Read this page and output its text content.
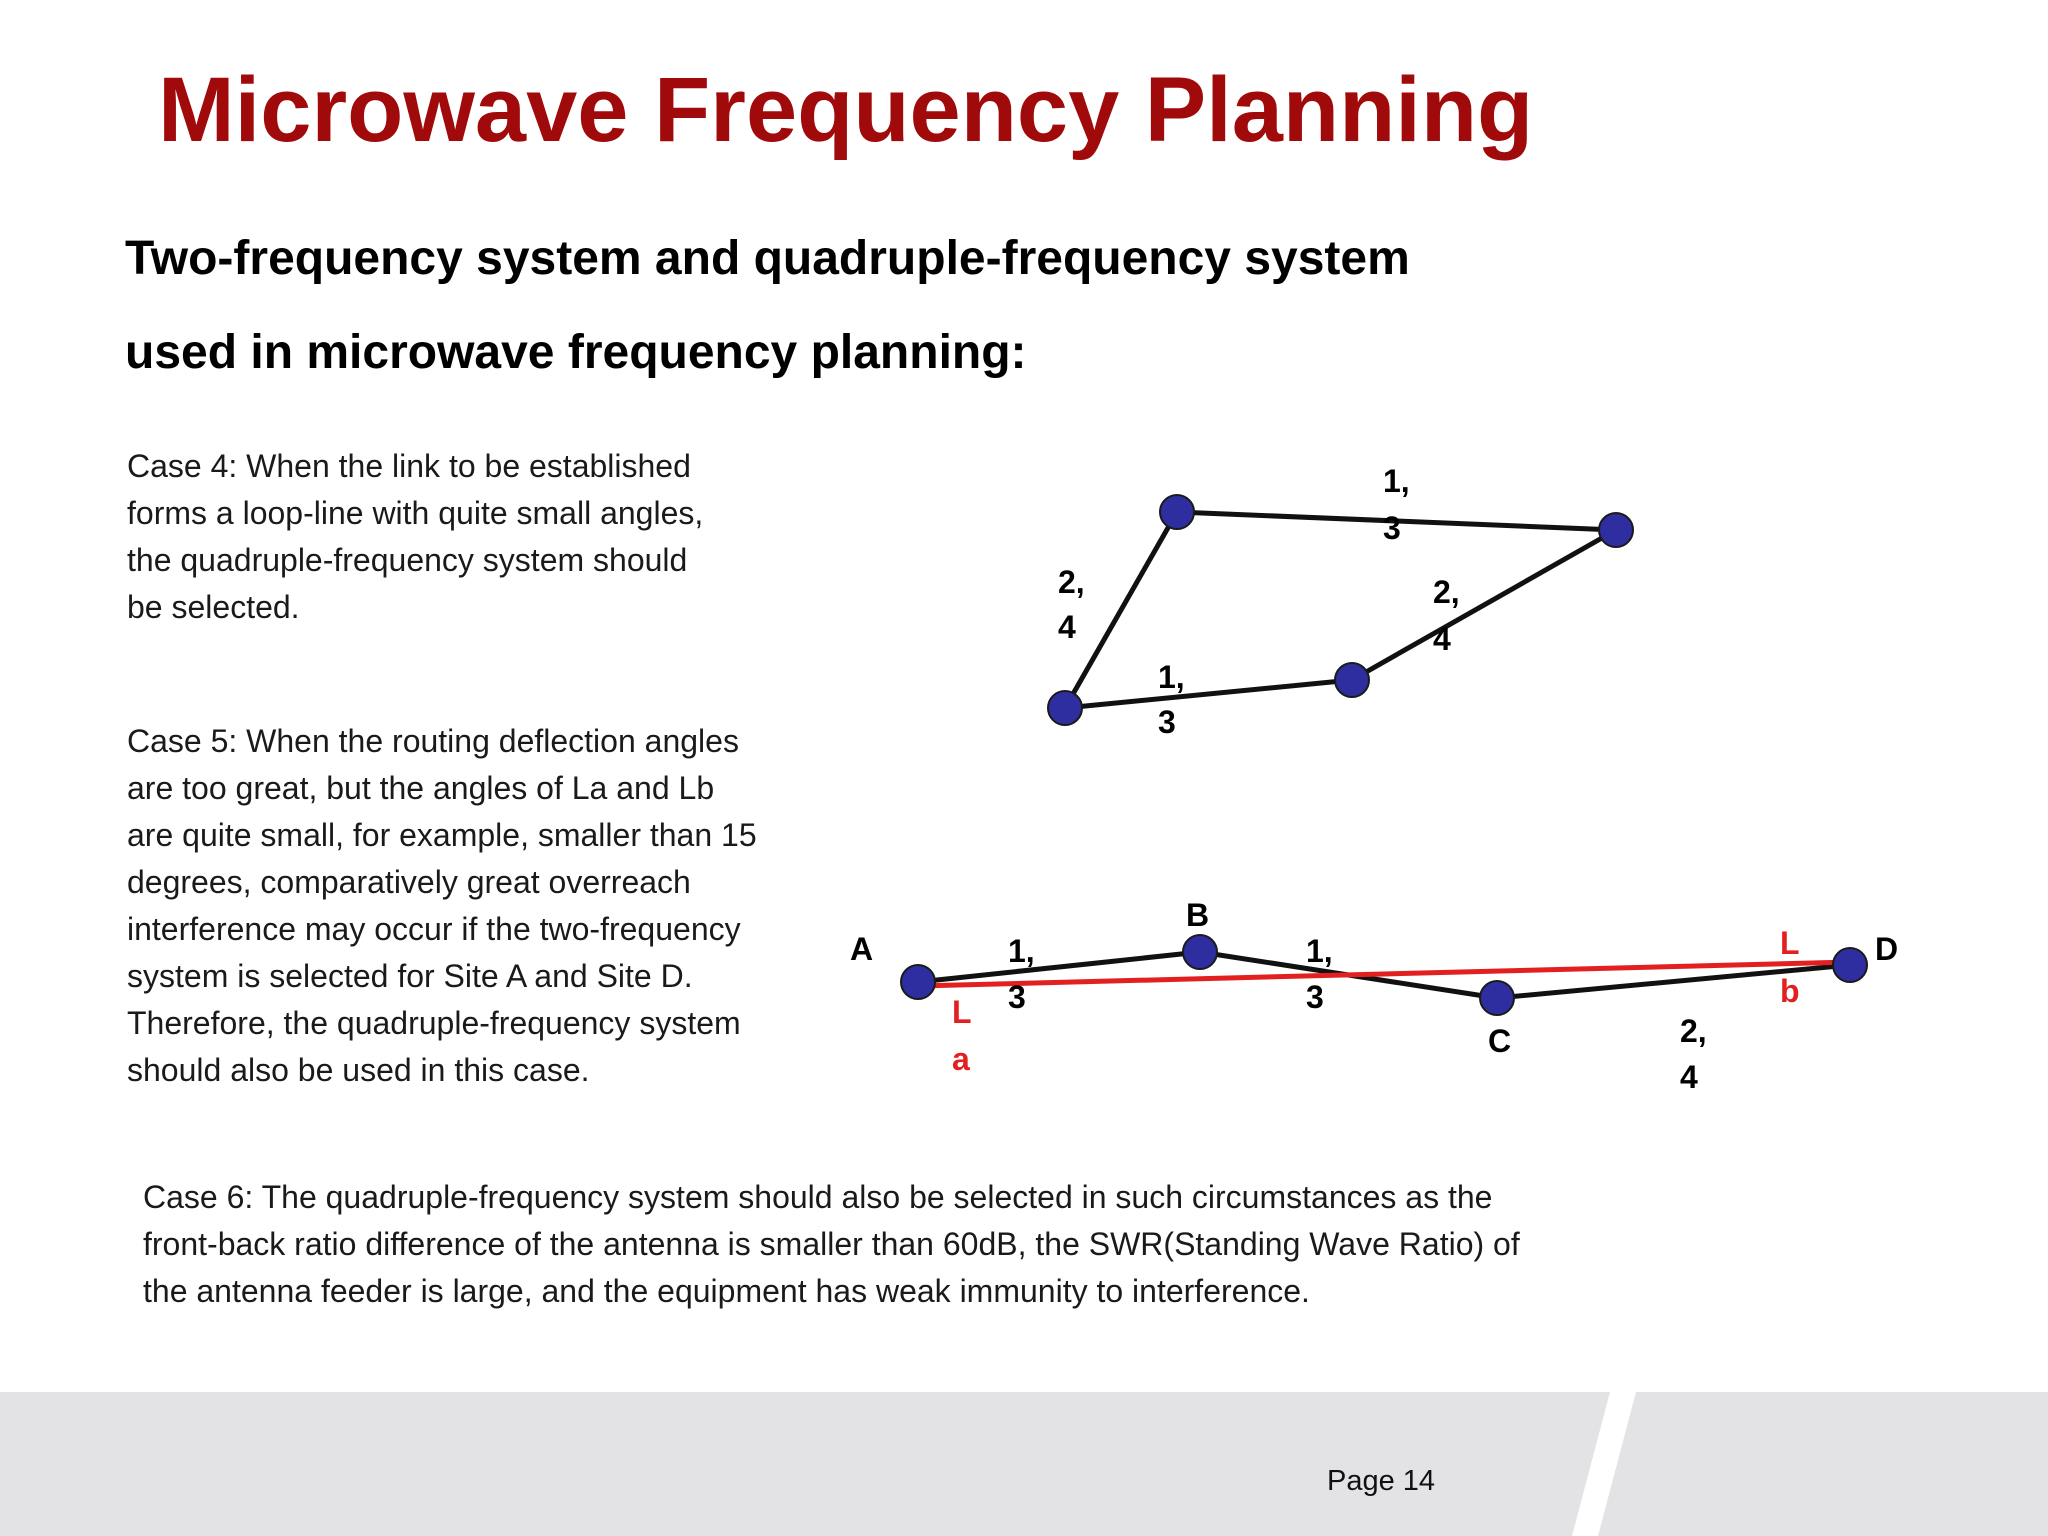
Microwave Frequency Planning
Two-frequency system and quadruple-frequency system
used in microwave frequency planning:
Case 4: When the link to be established
forms a loop-line with quite small angles,
the quadruple-frequency system should
be selected.
Case 5: When the routing deflection angles
are too great, but the angles of La and Lb
are quite small, for example, smaller than 15
degrees, comparatively great overreach
interference may occur if the two-frequency
system is selected for Site A and Site D.
Therefore, the quadruple-frequency system
should also be used in this case.
Case 6: The quadruple-frequency system should also be selected in such circumstances as the
front-back ratio difference of the antenna is smaller than 60dB, the SWR(Standing Wave Ratio) of
the antenna feeder is large, and the equipment has weak immunity to interference.
1,
3
2,
4
2,
4
1,
3
A
B
C
D
1,
3
1,
3
2,
4
L
a
L
b
Page 14
